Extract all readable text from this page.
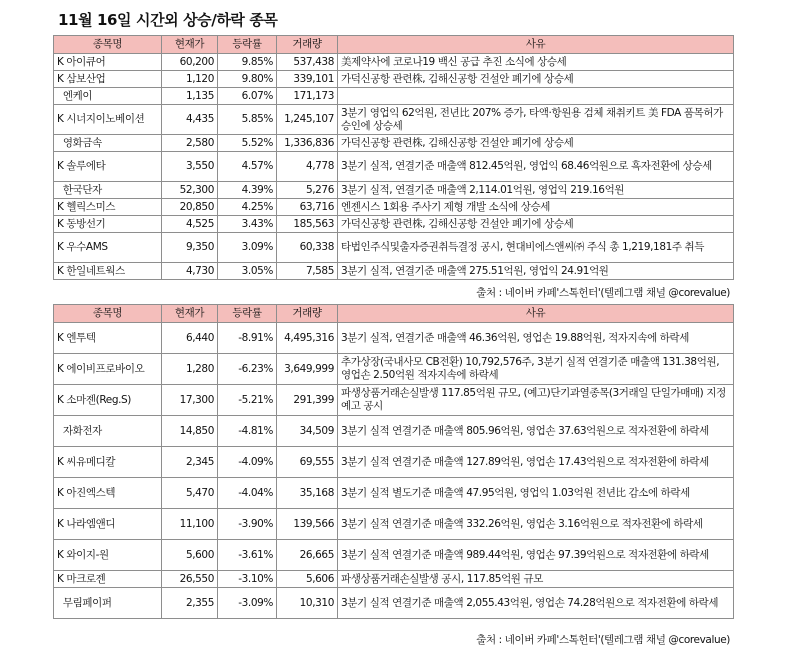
11월 16일 시간외 상승/하락 종목
종목명	현재가	등락률	거래량	사유
K 아이큐어	60,200	9.85%	537,438	美제약사에 코로나19 백신 공급 추진 소식에 상승세
K 삼보산업	1,120	9.80%	339,101	가덕신공항 관련株, 김해신공항 건설안 폐기에 상승세
엔케이	1,135	6.07%	171,173	
K 시너지이노베이션	4,435	5.85%	1,245,107	3분기 영업익 62억원, 전년比 207% 증가, 타액·항원용 검체 채취키트 美 FDA 품목허가 승인에 상승세
영화금속	2,580	5.52%	1,336,836	가덕신공항 관련株, 김해신공항 건설안 폐기에 상승세
K 솔루에타	3,550	4.57%	4,778	3분기 실적, 연결기준 매출액 812.45억원, 영업익 68.46억원으로 흑자전환에 상승세
한국단자	52,300	4.39%	5,276	3분기 실적, 연결기준 매출액 2,114.01억원, 영업익 219.16억원
K 헬릭스미스	20,850	4.25%	63,716	엔젠시스 1회용 주사기 제형 개발 소식에 상승세
K 동방선기	4,525	3.43%	185,563	가덕신공항 관련株, 김해신공항 건설안 폐기에 상승세
K 우수AMS	9,350	3.09%	60,338	타법인주식및출자증권취득결정 공시, 현대비에스앤씨㈜ 주식 총 1,219,181주 취득
K 한일네트웍스	4,730	3.05%	7,585	3분기 실적, 연결기준 매출액 275.51억원, 영업익 24.91억원
출처 : 네이버 카페'스톡헌터'(텔레그램 채널 @corevalue)
종목명	현재가	등락률	거래량	사유
K 엔투텍	6,440	-8.91%	4,495,316	3분기 실적, 연결기준 매출액 46.36억원, 영업손 19.88억원, 적자지속에 하락세
K 에이비프로바이오	1,280	-6.23%	3,649,999	추가상장(국내사모 CB전환) 10,792,576주, 3분기 실적 연결기준 매출액 131.38억원, 영업손 2.50억원 적자지속에 하락세
K 소마젠(Reg.S)	17,300	-5.21%	291,399	파생상품거래손실발생 117.85억원 규모, (예고)단기과열종목(3거래일 단일가매매) 지정예고 공시
자화전자	14,850	-4.81%	34,509	3분기 실적 연결기준 매출액 805.96억원, 영업손 37.63억원으로 적자전환에 하락세
K 씨유메디칼	2,345	-4.09%	69,555	3분기 실적 연결기준 매출액 127.89억원, 영업손 17.43억원으로 적자전환에 하락세
K 아진엑스텍	5,470	-4.04%	35,168	3분기 실적 별도기준 매출액 47.95억원, 영업익 1.03억원 전년比 감소에 하락세
K 나라엠앤디	11,100	-3.90%	139,566	3분기 실적 연결기준 매출액 332.26억원, 영업손 3.16억원으로 적자전환에 하락세
K 와이지-원	5,600	-3.61%	26,665	3분기 실적 연결기준 매출액 989.44억원, 영업손 97.39억원으로 적자전환에 하락세
K 마크로젠	26,550	-3.10%	5,606	파생상품거래손실발생 공시, 117.85억원 규모
무림페이퍼	2,355	-3.09%	10,310	3분기 실적 연결기준 매출액 2,055.43억원, 영업손 74.28억원으로 적자전환에 하락세
출처 : 네이버 카페'스톡헌터'(텔레그램 채널 @corevalue)
